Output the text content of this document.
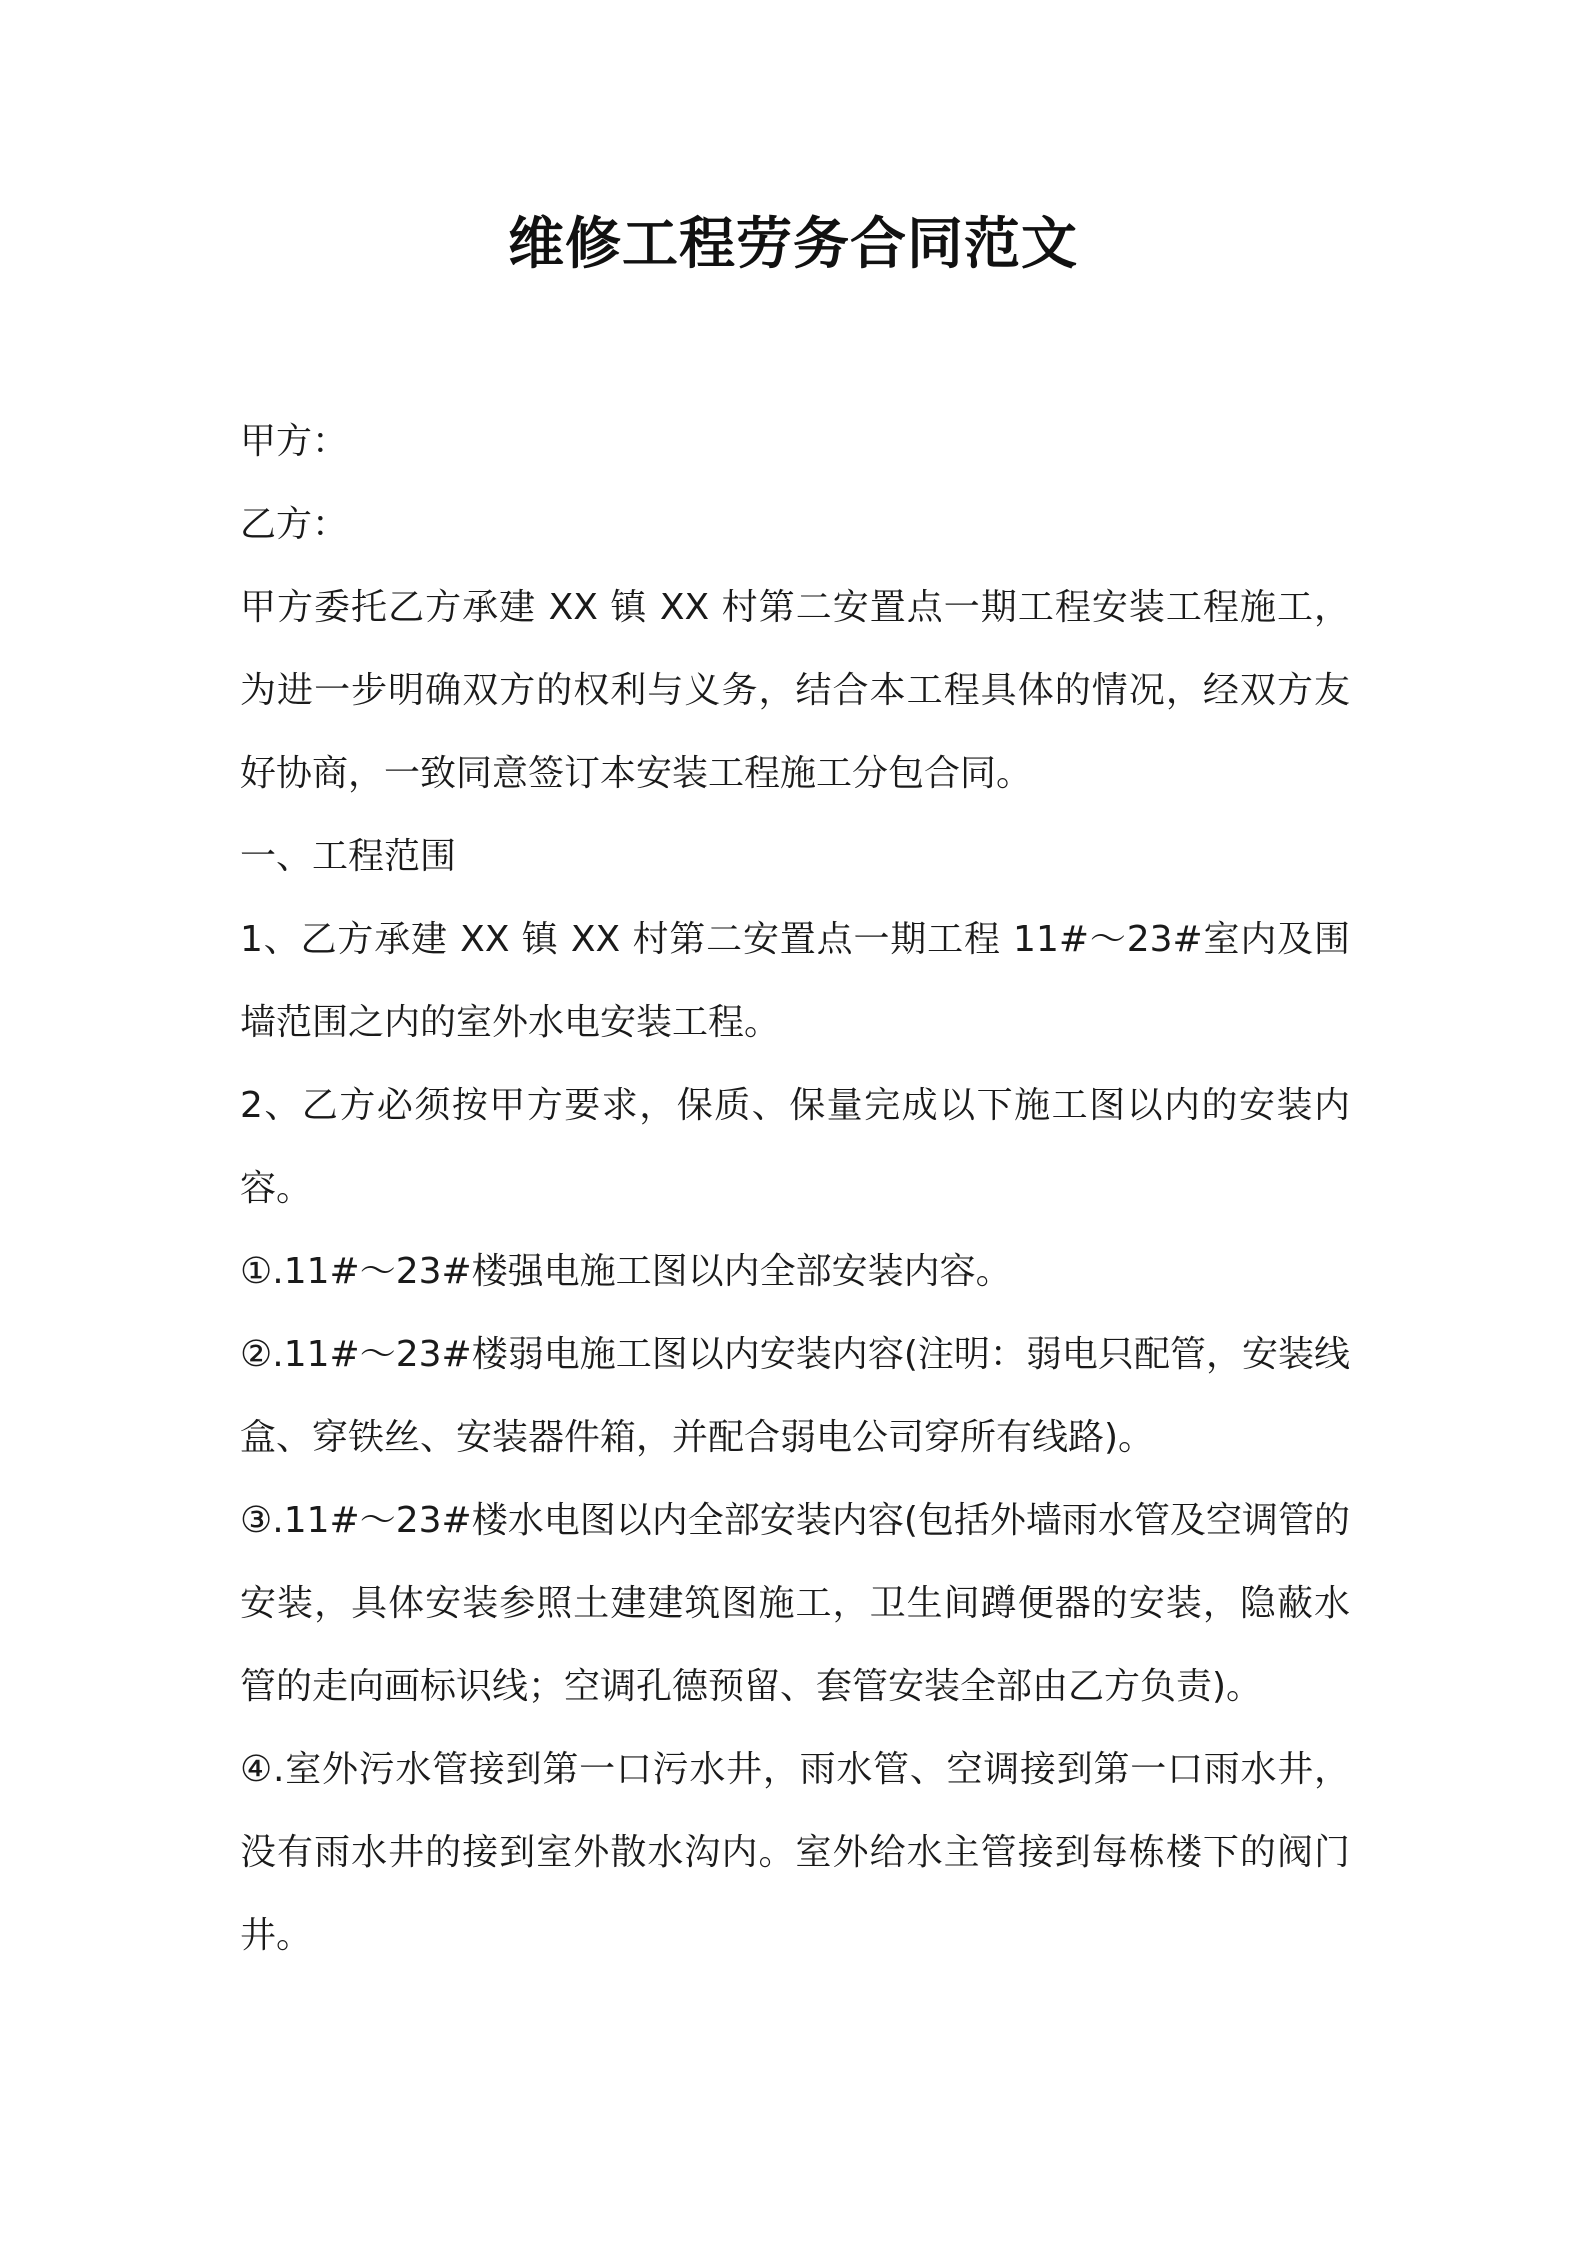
维修工程劳务合同范文

甲方：

乙方：

甲方委托乙方承建 XX 镇 XX 村第二安置点一期工程安装工程施工，为进一步明确双方的权利与义务，结合本工程具体的情况，经双方友好协商，一致同意签订本安装工程施工分包合同。

一、工程范围

1、乙方承建 XX 镇 XX 村第二安置点一期工程 11#～23#室内及围墙范围之内的室外水电安装工程。

2、乙方必须按甲方要求，保质、保量完成以下施工图以内的安装内容。

①.11#～23#楼强电施工图以内全部安装内容。

②.11#～23#楼弱电施工图以内安装内容(注明：弱电只配管，安装线盒、穿铁丝、安装器件箱，并配合弱电公司穿所有线路)。

③.11#～23#楼水电图以内全部安装内容(包括外墙雨水管及空调管的安装，具体安装参照土建建筑图施工，卫生间蹲便器的安装，隐蔽水管的走向画标识线；空调孔德预留、套管安装全部由乙方负责)。

④.室外污水管接到第一口污水井，雨水管、空调接到第一口雨水井，没有雨水井的接到室外散水沟内。室外给水主管接到每栋楼下的阀门井。
